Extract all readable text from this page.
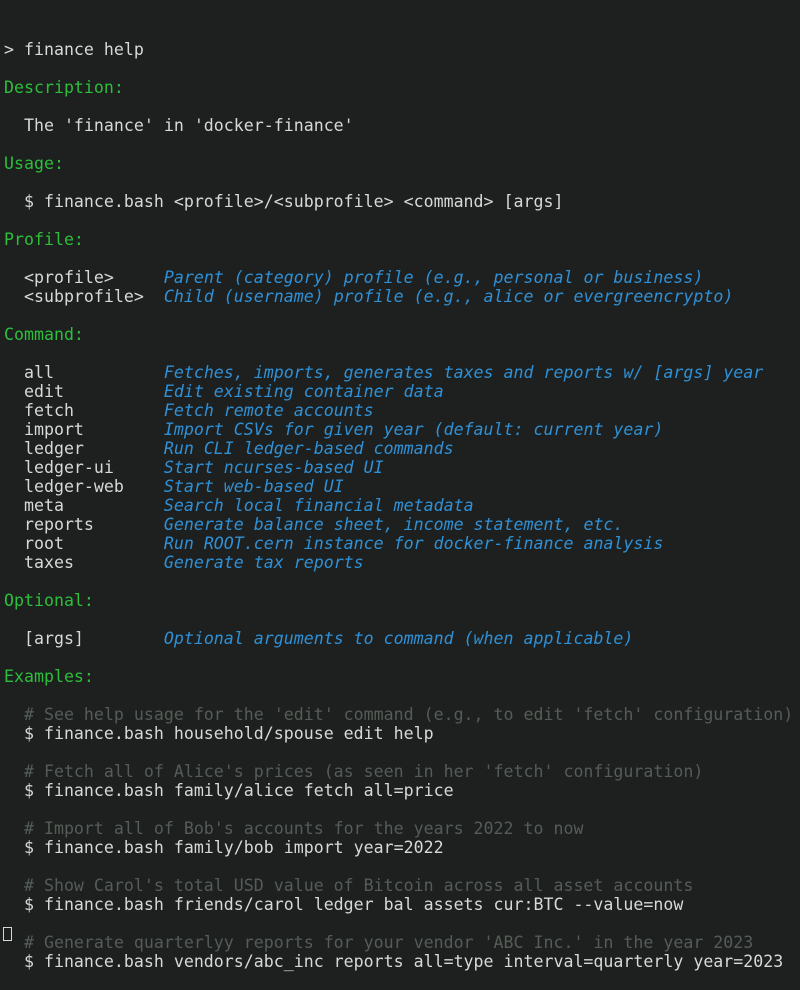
> finance help
Description:
The 'finance' in 'docker-finance'
Usage:
$ finance.bash <profile>/<subprofile> <command> [args]
Profile:
<profile>     Parent (category) profile (e.g., personal or business)
<subprofile>  Child (username) profile (e.g., alice or evergreencrypto)
Command:
all           Fetches, imports, generates taxes and reports w/ [args] year
edit          Edit existing container data
fetch         Fetch remote accounts
import        Import CSVs for given year (default: current year)
ledger        Run CLI ledger-based commands
ledger-ui     Start ncurses-based UI
ledger-web    Start web-based UI
meta          Search local financial metadata
reports       Generate balance sheet, income statement, etc.
root          Run ROOT.cern instance for docker-finance analysis
taxes         Generate tax reports
Optional:
[args]        Optional arguments to command (when applicable)
Examples:
# See help usage for the 'edit' command (e.g., to edit 'fetch' configuration)
$ finance.bash household/spouse edit help
# Fetch all of Alice's prices (as seen in her 'fetch' configuration)
$ finance.bash family/alice fetch all=price
# Import all of Bob's accounts for the years 2022 to now
$ finance.bash family/bob import year=2022
# Show Carol's total USD value of Bitcoin across all asset accounts
$ finance.bash friends/carol ledger bal assets cur:BTC --value=now
# Generate quarterlyy reports for your vendor 'ABC Inc.' in the year 2023
$ finance.bash vendors/abc_inc reports all=type interval=quarterly year=2023
